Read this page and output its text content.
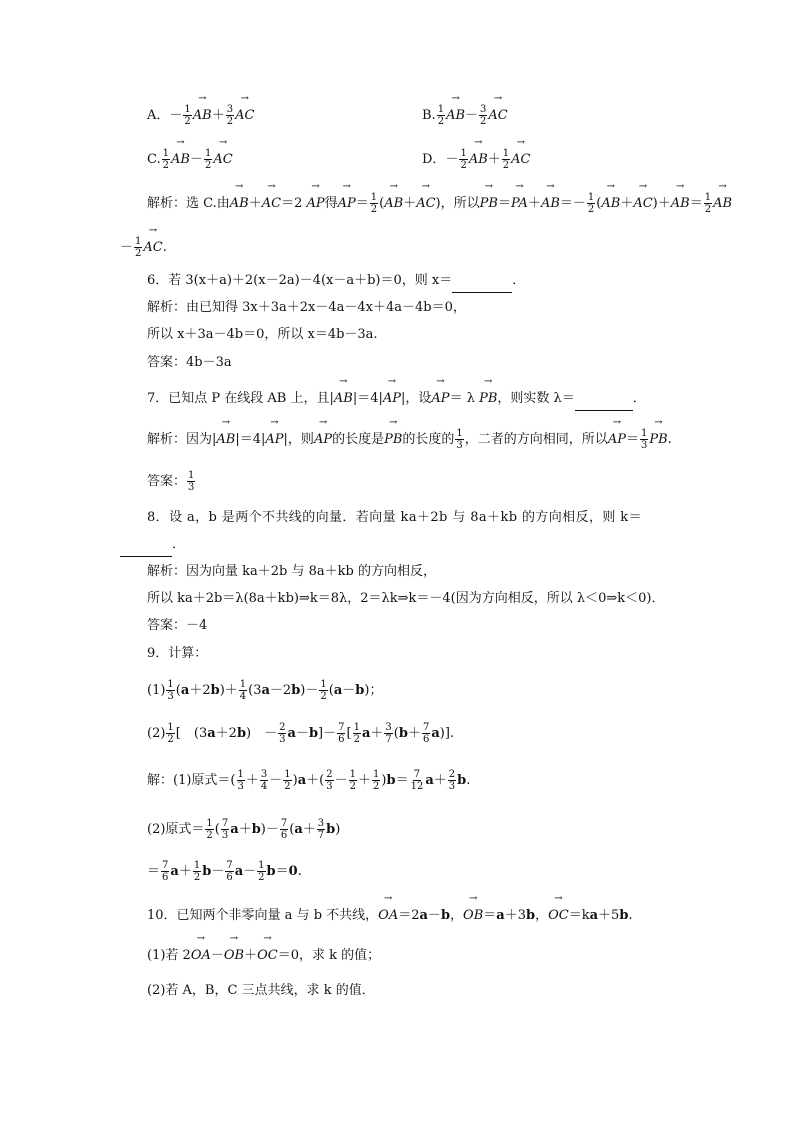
A．－ $\frac{1}{2}$
→ $AB+ \frac{3}{2}$
→ AC	B. $\frac{1}{2}$
→ $AB- \frac{3}{2}$
→ AC
C. $\frac{1}{2}$
→ $AB- \frac{1}{2}$
→ AC	D．－ $\frac{1}{2}$
→ $AB+ \frac{1}{2}$
→ AC
解析：选 C.由→ AB＋→ AC＝2 → AP得→ $AP= \frac{1}{2}$ (→ AB＋→ AC)，所以→ $PB=\to PA+\to AB=- \frac{1}{2}$ (→ $AB+\to AC)+\to AB= \frac{1}{2}$
→ AB
－ $\frac{1}{2}$
→ AC.
6．若 3(x＋a)＋2(x－2a)－4(x－a＋b)＝0，则 x＝	．
解析：由已知得 3x＋3a＋2x－4a－4x＋4a－4b＝0，
所以 x＋3a－4b＝0，所以 x＝4b－3a.
答案：4b－3a
7．已知点 P 在线段 AB 上，且|→ AB|＝4|→ AP|，设→ AP＝ λ → PB，则实数 λ＝	．
解析：因为|→ AB|＝4|→ AP|，则→ AP的长度是→ PB的长度的 $\frac{1}{3}$ ，二者的方向相同，所以→ $AP= \frac{1}{3}$
→ PB.
答案： $\frac{1}{3}$
8．设 a，b 是两个不共线的向量．若向量 ka＋2b 与 8a＋kb 的方向相反，则 k＝
．
解析：因为向量 ka＋2b 与 8a＋kb 的方向相反，
所以 ka＋2b＝λ(8a＋kb)⇒k＝8λ，2＝λk⇒k＝－4(因为方向相反，所以 λ＜0⇒k＜0)．
答案：－4
9．计算：
$(1) \frac{1}{3} (a+2b)+ \frac{1}{4} (3a-2b)- \frac{1}{2} (a-b)$；
$(2) \frac{1}{2}$ [　(3a＋2b)　－ $\frac{2}{3} a-b]- \frac{7}{6}$ [ $\frac{1}{2} a+ \frac{3}{7} (b+ \frac{7}{6} a)$].
解：(1)原式＝( $\frac{1}{3} + \frac{3}{4} - \frac{1}{2} )a+( \frac{2}{3} - \frac{1}{2} + \frac{1}{2} )b= \frac{7}{12} a+ \frac{2}{3} b$.
(2)原式＝ $\frac{1}{2}$ ( $\frac{7}{3} a+b)- \frac{7}{6} (a+ \frac{3}{7} b)$
＝ $\frac{7}{6} a+ \frac{1}{2} b- \frac{7}{6} a- \frac{1}{2} b=0$.
10．已知两个非零向量 a 与 b 不共线，→ OA＝2a－b，→ OB＝a＋3b，→ OC＝ka＋5b.
(1)若 2→ OA－→ OB＋→ OC＝0，求 k 的值；
(2)若 A，B，C 三点共线，求 k 的值．
